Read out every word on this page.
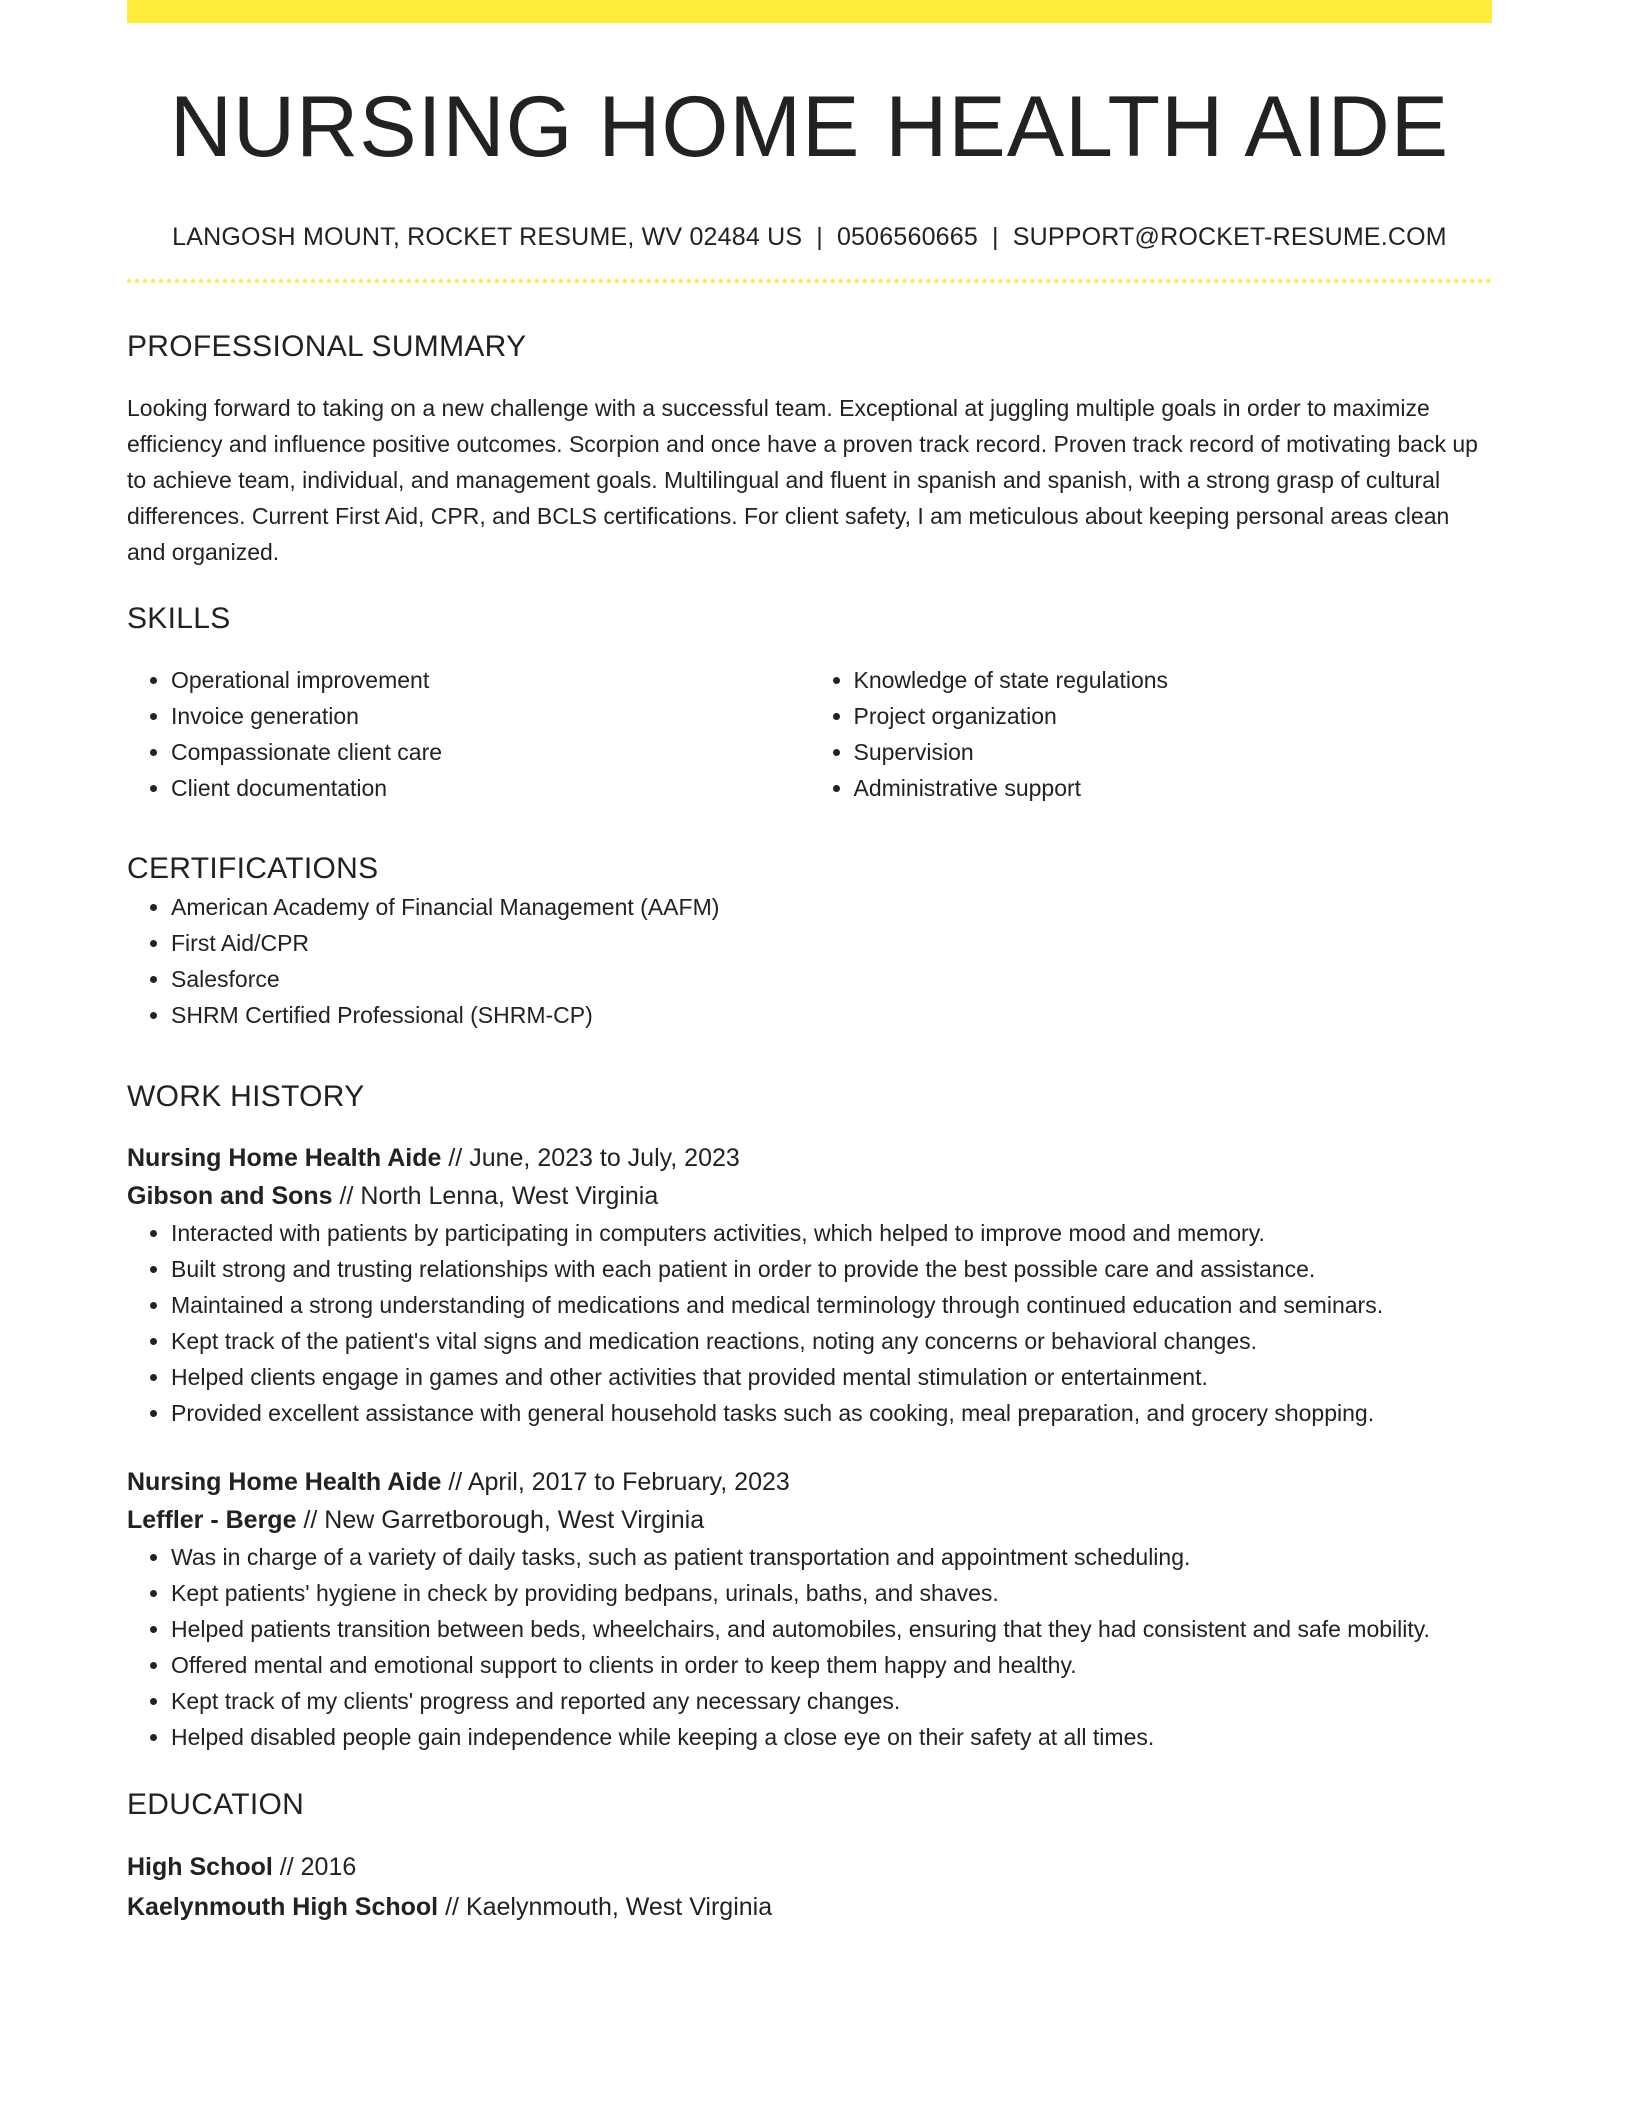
NURSING HOME HEALTH AIDE
LANGOSH MOUNT, ROCKET RESUME, WV 02484 US | 0506560665 | SUPPORT@ROCKET-RESUME.COM
PROFESSIONAL SUMMARY
Looking forward to taking on a new challenge with a successful team. Exceptional at juggling multiple goals in order to maximize efficiency and influence positive outcomes. Scorpion and once have a proven track record. Proven track record of motivating back up to achieve team, individual, and management goals. Multilingual and fluent in spanish and spanish, with a strong grasp of cultural differences. Current First Aid, CPR, and BCLS certifications. For client safety, I am meticulous about keeping personal areas clean and organized.
SKILLS
• Operational improvement
• Invoice generation
• Compassionate client care
• Client documentation
• Knowledge of state regulations
• Project organization
• Supervision
• Administrative support
CERTIFICATIONS
• American Academy of Financial Management (AAFM)
• First Aid/CPR
• Salesforce
• SHRM Certified Professional (SHRM-CP)
WORK HISTORY
Nursing Home Health Aide // June, 2023 to July, 2023
Gibson and Sons // North Lenna, West Virginia
• Interacted with patients by participating in computers activities, which helped to improve mood and memory.
• Built strong and trusting relationships with each patient in order to provide the best possible care and assistance.
• Maintained a strong understanding of medications and medical terminology through continued education and seminars.
• Kept track of the patient's vital signs and medication reactions, noting any concerns or behavioral changes.
• Helped clients engage in games and other activities that provided mental stimulation or entertainment.
• Provided excellent assistance with general household tasks such as cooking, meal preparation, and grocery shopping.
Nursing Home Health Aide // April, 2017 to February, 2023
Leffler - Berge // New Garretborough, West Virginia
• Was in charge of a variety of daily tasks, such as patient transportation and appointment scheduling.
• Kept patients' hygiene in check by providing bedpans, urinals, baths, and shaves.
• Helped patients transition between beds, wheelchairs, and automobiles, ensuring that they had consistent and safe mobility.
• Offered mental and emotional support to clients in order to keep them happy and healthy.
• Kept track of my clients' progress and reported any necessary changes.
• Helped disabled people gain independence while keeping a close eye on their safety at all times.
EDUCATION
High School // 2016
Kaelynmouth High School // Kaelynmouth, West Virginia
